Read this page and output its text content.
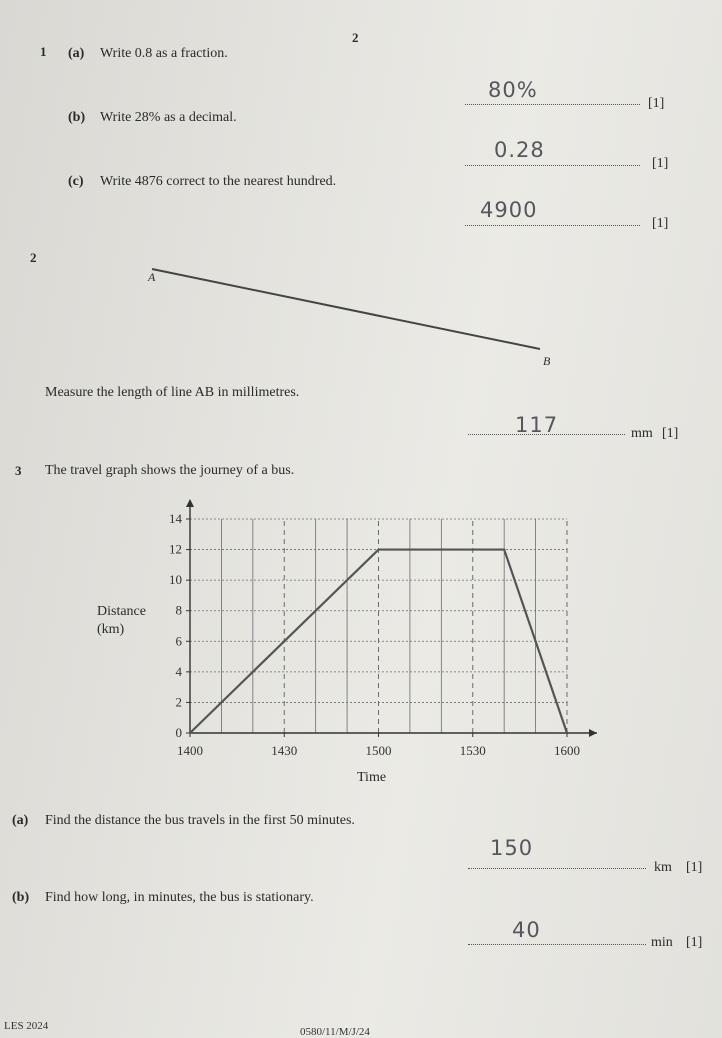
2
1 (a) Write 0.8 as a fraction.
80%
[1]
(b) Write 28% as a decimal.
0.28
[1]
(c) Write 4876 correct to the nearest hundred.
4900
[1]
2
A
B
Measure the length of line AB in millimetres.
117	mm [1]
3 The travel graph shows the journey of a bus.
0
2
4
6
8
10
12
14
1400	1430	1500	1530	1600
Distance
(km)
Time
(a) Find the distance the bus travels in the first 50 minutes.
150
km [1]
(b) Find how long, in minutes, the bus is stationary.
40
min [1]
LES 2024	0580/11/M/J/24
